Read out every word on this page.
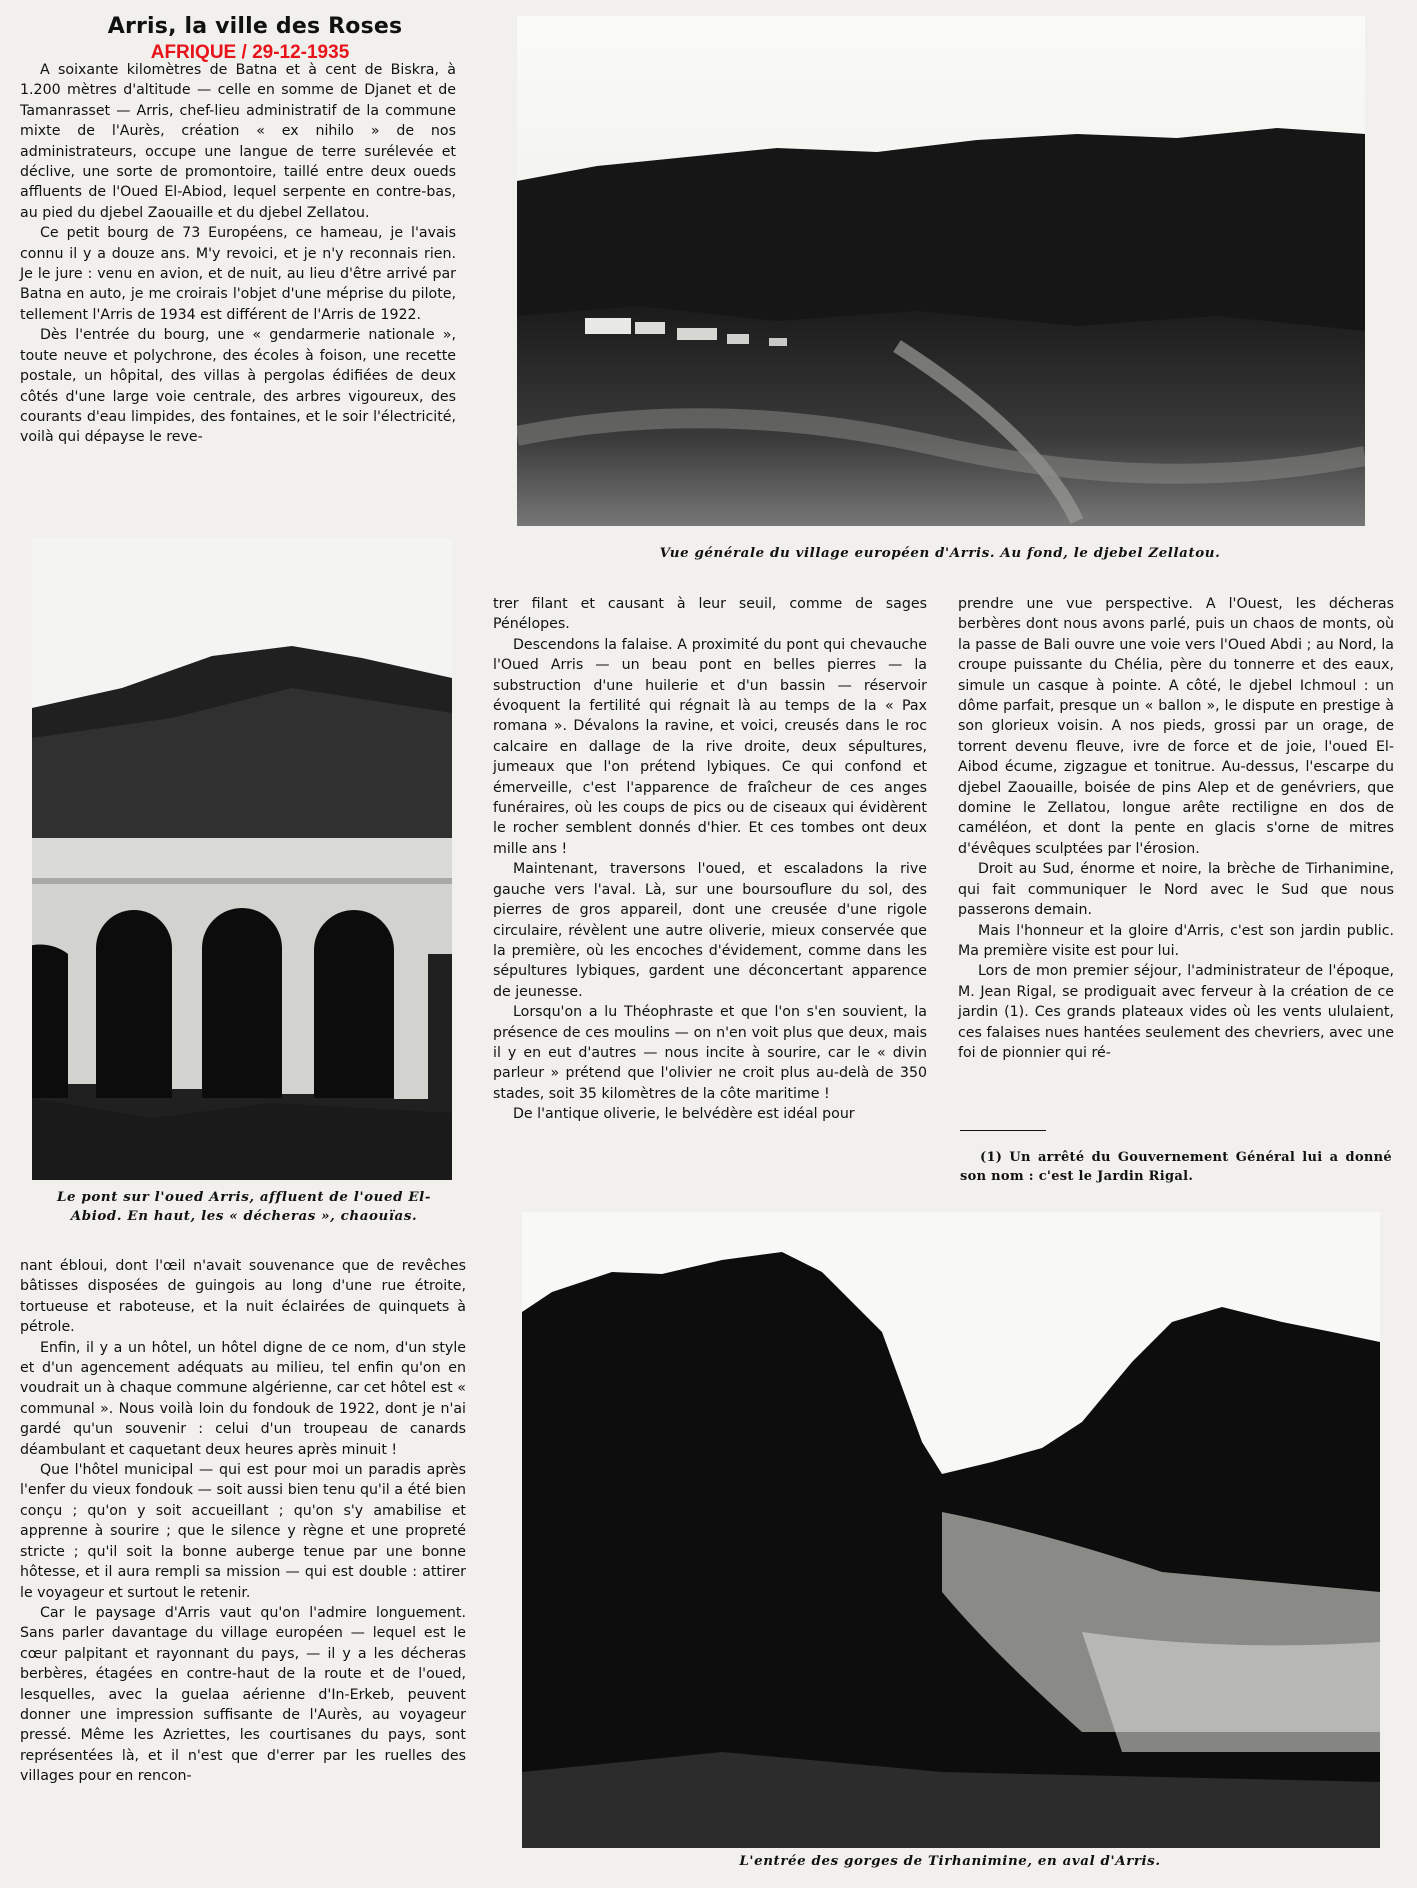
Arris, la ville des Roses
AFRIQUE / 29-12-1935

A soixante kilomètres de Batna et à cent de Biskra, à 1.200 mètres d'altitude — celle en somme de Djanet et de Tamanrasset — Arris, chef-lieu administratif de la commune mixte de l'Aurès, création « ex nihilo » de nos administrateurs, occupe une langue de terre surélevée et déclive, une sorte de promontoire, taillé entre deux oueds affluents de l'Oued El-Abiod, lequel serpente en contre-bas, au pied du djebel Zaouaille et du djebel Zellatou.

Ce petit bourg de 73 Européens, ce hameau, je l'avais connu il y a douze ans. M'y revoici, et je n'y reconnais rien. Je le jure : venu en avion, et de nuit, au lieu d'être arrivé par Batna en auto, je me croirais l'objet d'une méprise du pilote, tellement l'Arris de 1934 est différent de l'Arris de 1922.

Dès l'entrée du bourg, une « gendarmerie nationale », toute neuve et polychrone, des écoles à foison, une recette postale, un hôpital, des villas à pergolas édifiées de deux côtés d'une large voie centrale, des arbres vigoureux, des courants d'eau limpides, des fontaines, et le soir l'électricité, voilà qui dépayse le reve-

Vue générale du village européen d'Arris. Au fond, le djebel Zellatou.
Le pont sur l'oued Arris, affluent de l'oued El-Abiod. En haut, les « décheras », chaouïas.

trer filant et causant à leur seuil, comme de sages Pénélopes.

Descendons la falaise. A proximité du pont qui chevauche l'Oued Arris — un beau pont en belles pierres — la substruction d'une huilerie et d'un bassin — réservoir évoquent la fertilité qui régnait là au temps de la « Pax romana ». Dévalons la ravine, et voici, creusés dans le roc calcaire en dallage de la rive droite, deux sépultures, jumeaux que l'on prétend lybiques. Ce qui confond et émerveille, c'est l'apparence de fraîcheur de ces anges funéraires, où les coups de pics ou de ciseaux qui évidèrent le rocher semblent donnés d'hier. Et ces tombes ont deux mille ans !

Maintenant, traversons l'oued, et escaladons la rive gauche vers l'aval. Là, sur une boursouflure du sol, des pierres de gros appareil, dont une creusée d'une rigole circulaire, révèlent une autre oliverie, mieux conservée que la première, où les encoches d'évidement, comme dans les sépultures lybiques, gardent une déconcertant apparence de jeunesse.

Lorsqu'on a lu Théophraste et que l'on s'en souvient, la présence de ces moulins — on n'en voit plus que deux, mais il y en eut d'autres — nous incite à sourire, car le « divin parleur » prétend que l'olivier ne croit plus au-delà de 350 stades, soit 35 kilomètres de la côte maritime !

De l'antique oliverie, le belvédère est idéal pour

prendre une vue perspective. A l'Ouest, les décheras berbères dont nous avons parlé, puis un chaos de monts, où la passe de Bali ouvre une voie vers l'Oued Abdi ; au Nord, la croupe puissante du Chélia, père du tonnerre et des eaux, simule un casque à pointe. A côté, le djebel Ichmoul : un dôme parfait, presque un « ballon », le dispute en prestige à son glorieux voisin. A nos pieds, grossi par un orage, de torrent devenu fleuve, ivre de force et de joie, l'oued El-Aibod écume, zigzague et tonitrue. Au-dessus, l'escarpe du djebel Zaouaille, boisée de pins Alep et de genévriers, que domine le Zellatou, longue arête rectiligne en dos de caméléon, et dont la pente en glacis s'orne de mitres d'évêques sculptées par l'érosion.

Droit au Sud, énorme et noire, la brèche de Tirhanimine, qui fait communiquer le Nord avec le Sud que nous passerons demain.

Mais l'honneur et la gloire d'Arris, c'est son jardin public. Ma première visite est pour lui.

Lors de mon premier séjour, l'administrateur de l'époque, M. Jean Rigal, se prodiguait avec ferveur à la création de ce jardin (1). Ces grands plateaux vides où les vents ululaient, ces falaises nues hantées seulement des chevriers, avec une foi de pionnier qui ré-

(1) Un arrêté du Gouvernement Général lui a donné son nom : c'est le Jardin Rigal.

nant ébloui, dont l'œil n'avait souvenance que de revêches bâtisses disposées de guingois au long d'une rue étroite, tortueuse et raboteuse, et la nuit éclairées de quinquets à pétrole.

Enfin, il y a un hôtel, un hôtel digne de ce nom, d'un style et d'un agencement adéquats au milieu, tel enfin qu'on en voudrait un à chaque commune algérienne, car cet hôtel est « communal ». Nous voilà loin du fondouk de 1922, dont je n'ai gardé qu'un souvenir : celui d'un troupeau de canards déambulant et caquetant deux heures après minuit !

Que l'hôtel municipal — qui est pour moi un paradis après l'enfer du vieux fondouk — soit aussi bien tenu qu'il a été bien conçu ; qu'on y soit accueillant ; qu'on s'y amabilise et apprenne à sourire ; que le silence y règne et une propreté stricte ; qu'il soit la bonne auberge tenue par une bonne hôtesse, et il aura rempli sa mission — qui est double : attirer le voyageur et surtout le retenir.

Car le paysage d'Arris vaut qu'on l'admire longuement. Sans parler davantage du village européen — lequel est le cœur palpitant et rayonnant du pays, — il y a les décheras berbères, étagées en contre-haut de la route et de l'oued, lesquelles, avec la guelaa aérienne d'In-Erkeb, peuvent donner une impression suffisante de l'Aurès, au voyageur pressé. Même les Azriettes, les courtisanes du pays, sont représentées là, et il n'est que d'errer par les ruelles des villages pour en rencon-

L'entrée des gorges de Tirhanimine, en aval d'Arris.
